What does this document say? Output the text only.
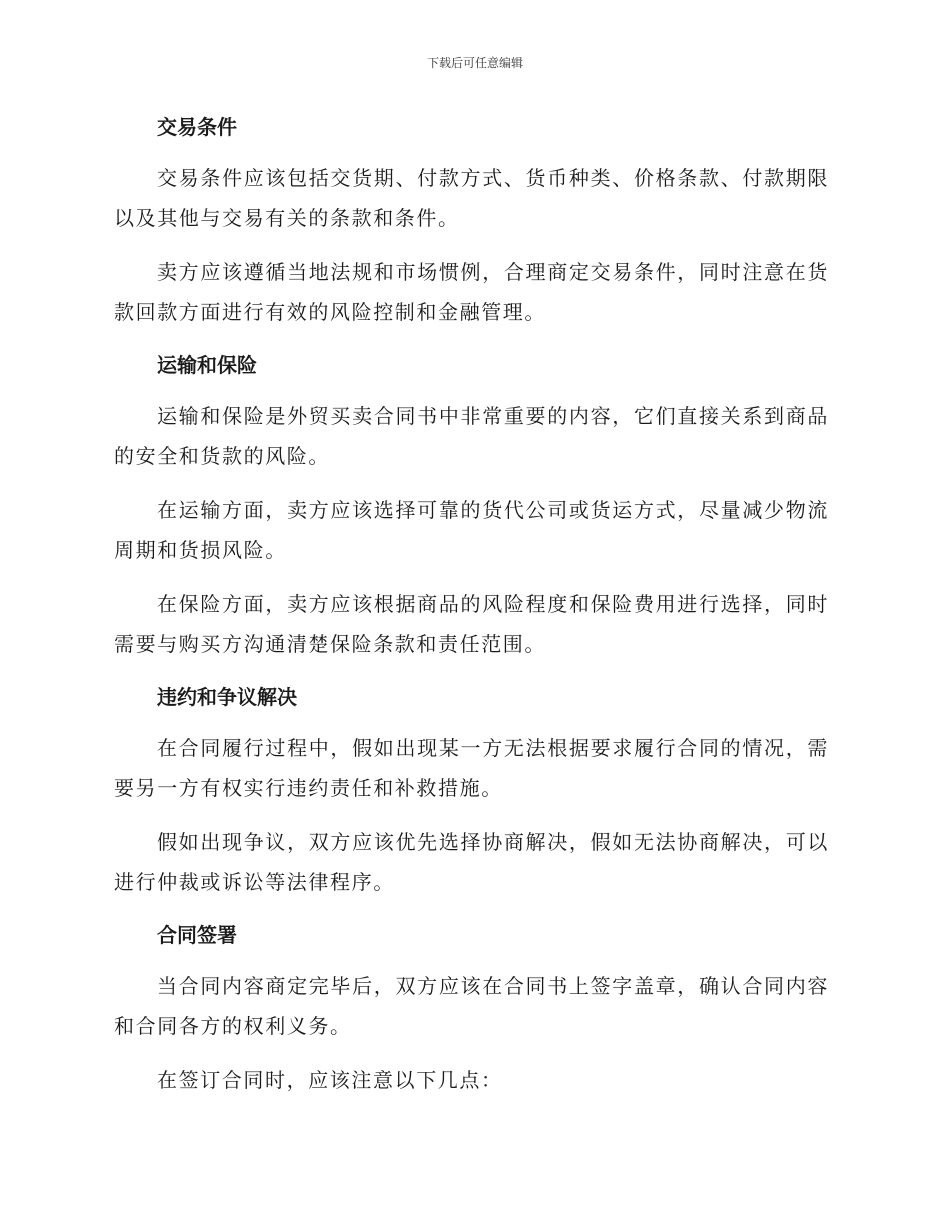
下载后可任意编辑
交易条件
交易条件应该包括交货期、付款方式、货币种类、价格条款、付款期限以及其他与交易有关的条款和条件。
卖方应该遵循当地法规和市场惯例，合理商定交易条件，同时注意在货款回款方面进行有效的风险控制和金融管理。
运输和保险
运输和保险是外贸买卖合同书中非常重要的内容，它们直接关系到商品的安全和货款的风险。
在运输方面，卖方应该选择可靠的货代公司或货运方式，尽量减少物流周期和货损风险。
在保险方面，卖方应该根据商品的风险程度和保险费用进行选择，同时需要与购买方沟通清楚保险条款和责任范围。
违约和争议解决
在合同履行过程中，假如出现某一方无法根据要求履行合同的情况，需要另一方有权实行违约责任和补救措施。
假如出现争议，双方应该优先选择协商解决，假如无法协商解决，可以进行仲裁或诉讼等法律程序。
合同签署
当合同内容商定完毕后，双方应该在合同书上签字盖章，确认合同内容和合同各方的权利义务。
在签订合同时，应该注意以下几点：
